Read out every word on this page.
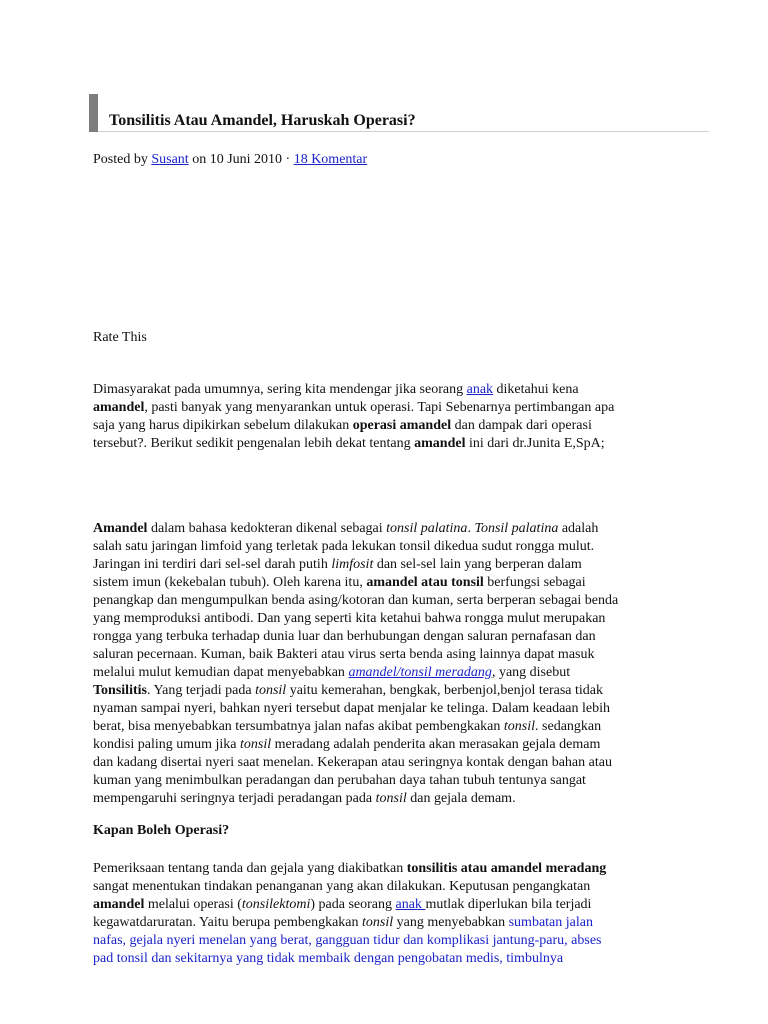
Tonsilitis Atau Amandel, Haruskah Operasi?
Posted by Susant on 10 Juni 2010 · 18 Komentar
Rate This

Dimasyarakat pada umumnya, sering kita mendengar jika seorang anak diketahui kena
amandel, pasti banyak yang menyarankan untuk operasi. Tapi Sebenarnya pertimbangan apa
saja yang harus dipikirkan sebelum dilakukan operasi amandel dan dampak dari operasi
tersebut?. Berikut sedikit pengenalan lebih dekat tentang amandel ini dari dr.Junita E,SpA;

Amandel dalam bahasa kedokteran dikenal sebagai tonsil palatina. Tonsil palatina adalah
salah satu jaringan limfoid yang terletak pada lekukan tonsil dikedua sudut rongga mulut.
Jaringan ini terdiri dari sel-sel darah putih limfosit dan sel-sel lain yang berperan dalam
sistem imun (kekebalan tubuh). Oleh karena itu, amandel atau tonsil berfungsi sebagai
penangkap dan mengumpulkan benda asing/kotoran dan kuman, serta berperan sebagai benda
yang memproduksi antibodi. Dan yang seperti kita ketahui bahwa rongga mulut merupakan
rongga yang terbuka terhadap dunia luar dan berhubungan dengan saluran pernafasan dan
saluran pecernaan. Kuman, baik Bakteri atau virus serta benda asing lainnya dapat masuk
melalui mulut kemudian dapat menyebabkan amandel/tonsil meradang, yang disebut
Tonsilitis. Yang terjadi pada tonsil yaitu kemerahan, bengkak, berbenjol,benjol terasa tidak
nyaman sampai nyeri, bahkan nyeri tersebut dapat menjalar ke telinga. Dalam keadaan lebih
berat, bisa menyebabkan tersumbatnya jalan nafas akibat pembengkakan tonsil. sedangkan
kondisi paling umum jika tonsil meradang adalah penderita akan merasakan gejala demam
dan kadang disertai nyeri saat menelan. Kekerapan atau seringnya kontak dengan bahan atau
kuman yang menimbulkan peradangan dan perubahan daya tahan tubuh tentunya sangat
mempengaruhi seringnya terjadi peradangan pada tonsil dan gejala demam.

Kapan Boleh Operasi?

Pemeriksaan tentang tanda dan gejala yang diakibatkan tonsilitis atau amandel meradang
sangat menentukan tindakan penanganan yang akan dilakukan. Keputusan pengangkatan
amandel melalui operasi (tonsilektomi) pada seorang anak mutlak diperlukan bila terjadi
kegawatdaruratan. Yaitu berupa pembengkakan tonsil yang menyebabkan sumbatan jalan
nafas, gejala nyeri menelan yang berat, gangguan tidur dan komplikasi jantung-paru, abses
pad tonsil dan sekitarnya yang tidak membaik dengan pengobatan medis, timbulnya
